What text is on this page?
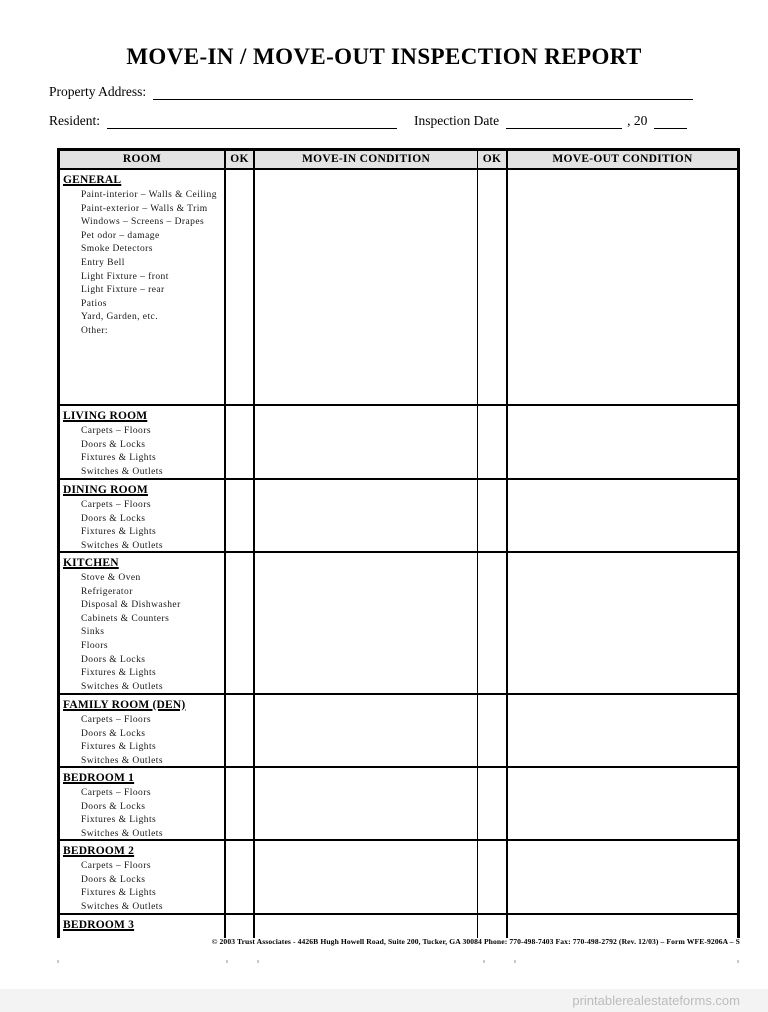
MOVE-IN / MOVE-OUT INSPECTION REPORT
Property Address:
Resident:	Inspection Date	, 20
ROOM	OK	MOVE-IN CONDITION	OK	MOVE-OUT CONDITION
GENERAL
Paint-interior – Walls & Ceiling
Paint-exterior – Walls & Trim
Windows – Screens – Drapes
Pet odor – damage
Smoke Detectors
Entry Bell
Light Fixture – front
Light Fixture – rear
Patios
Yard, Garden, etc.
Other:
LIVING ROOM
Carpets – Floors
Doors & Locks
Fixtures & Lights
Switches & Outlets
DINING ROOM
Carpets – Floors
Doors & Locks
Fixtures & Lights
Switches & Outlets
KITCHEN
Stove & Oven
Refrigerator
Disposal & Dishwasher
Cabinets & Counters
Sinks
Floors
Doors & Locks
Fixtures & Lights
Switches & Outlets
FAMILY ROOM (DEN)
Carpets – Floors
Doors & Locks
Fixtures & Lights
Switches & Outlets
BEDROOM 1
Carpets – Floors
Doors & Locks
Fixtures & Lights
Switches & Outlets
BEDROOM 2
Carpets – Floors
Doors & Locks
Fixtures & Lights
Switches & Outlets
BEDROOM 3
© 2003 Trust Associates - 4426B Hugh Howell Road, Suite 200, Tucker, GA 30084 Phone: 770-498-7403 Fax: 770-498-2792 (Rev. 12/03) – Form WFE-9206A – S
printablerealestateforms.com
